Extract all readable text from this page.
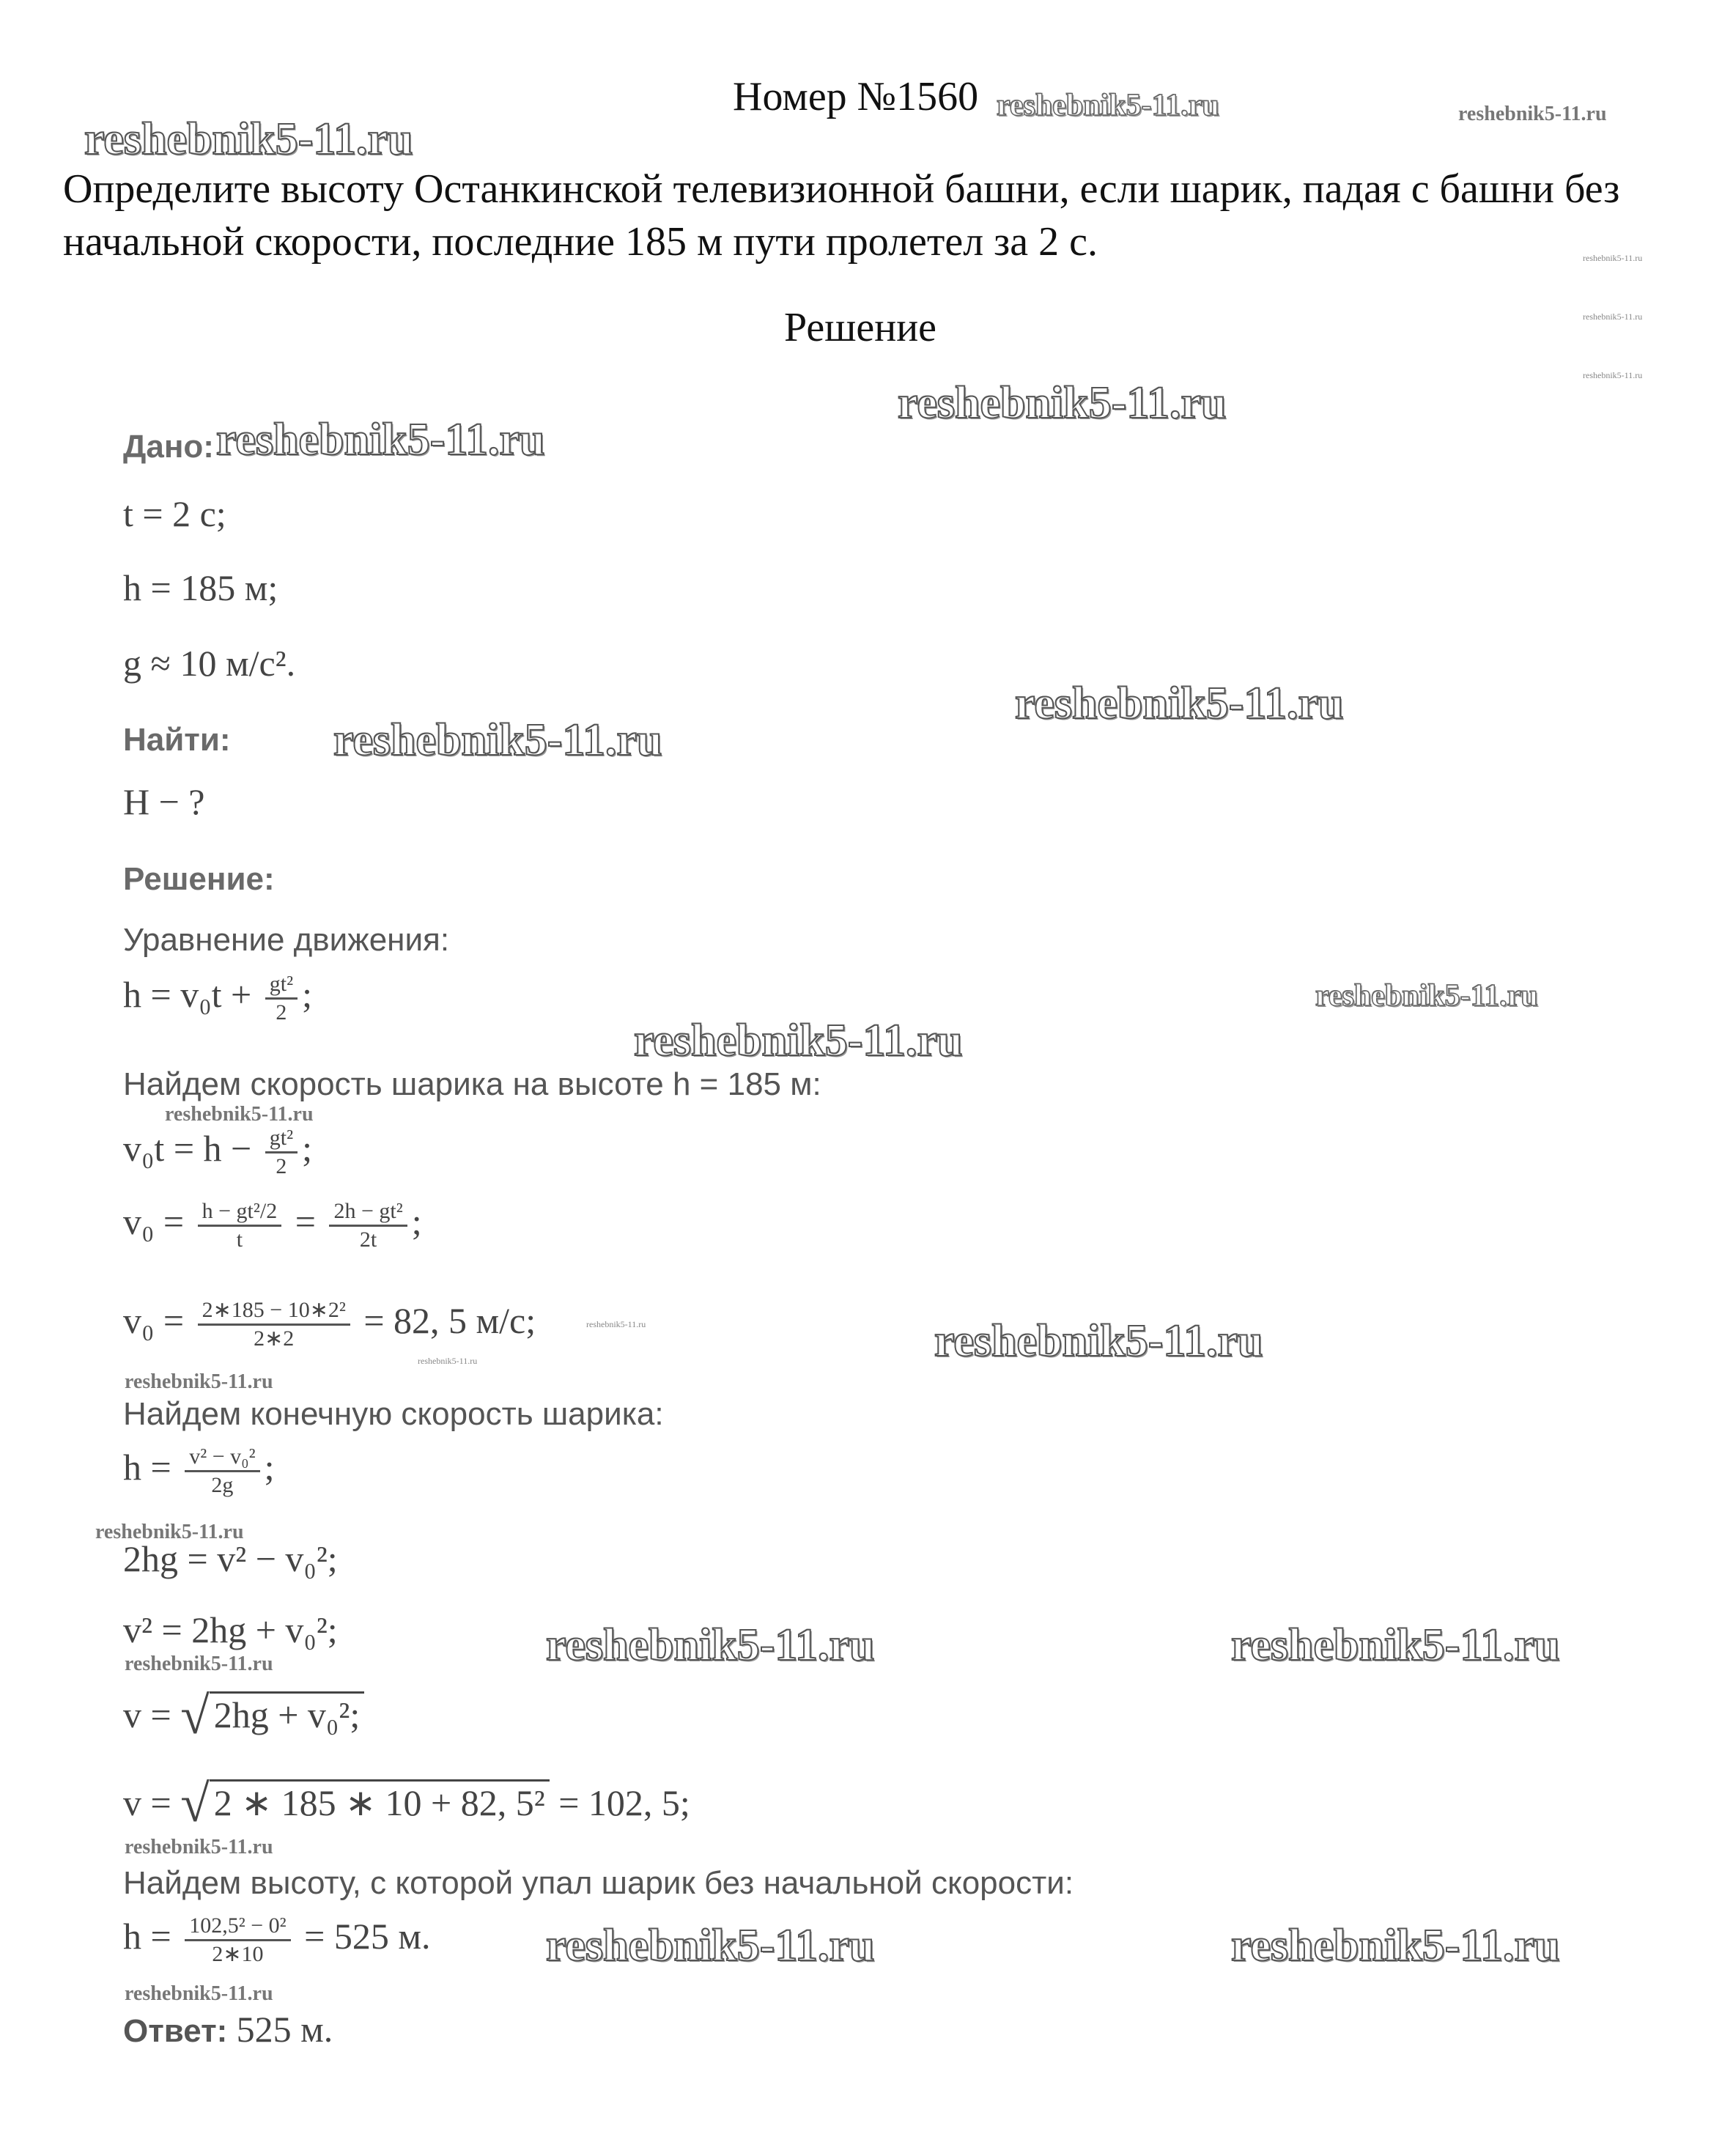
Номер №1560
Определите высоту Останкинской телевизионной башни, если шарик, падая с башни без начальной скорости, последние 185 м пути пролетел за 2 с.
Решение
Дано:
t = 2 с;
h = 185 м;
g ≈ 10 м/с².
Найти:
H − ?
Решение:
Уравнение движения:
$h = v_0t + \frac{\text{gt²}}{2}$ ;
Найдем скорость шарика на высоте h = 185 м:
$v_0t = h - \frac{\text{gt²}}{2}$ ;
$v_0 = \frac{\text{h − gt²/2}}{t} = \frac{\text{2h − gt²}}{2t}$ ;
$v_0 = \frac{\text{2∗185 − 10∗2²}}{2∗2} = 82$, 5 м/с;
Найдем конечную скорость шарика:
$h = \frac{\text{v² − v₀²}}{2g}$ ;
2hg = v² − v₀²;
v² = 2hg + v₀²;
v = √ 2hg + v₀²;
v = √ 2 ∗ 185 ∗ 10 + 82, 5² = 102, 5;
Найдем высоту, с которой упал шарик без начальной скорости:
$h = \frac{\text{102,5² − 0²}}{2∗10} = 525$ м.
Ответ: 525 м.
reshebnik5-11.ru
reshebnik5-11.ru	reshebnik5-11.ru
reshebnik5-11.ru
reshebnik5-11.ru
reshebnik5-11.ru
reshebnik5-11.ru
reshebnik5-11.ru
reshebnik5-11.ru
reshebnik5-11.ru
reshebnik5-11.ru
reshebnik5-11.ru
reshebnik5-11.ru
reshebnik5-11.ru
reshebnik5-11.ru	reshebnik5-11.ru
reshebnik5-11.ru
reshebnik5-11.ru
reshebnik5-11.ru	reshebnik5-11.ru
reshebnik5-11.ru
reshebnik5-11.ru
reshebnik5-11.ru	reshebnik5-11.ru
reshebnik5-11.ru
